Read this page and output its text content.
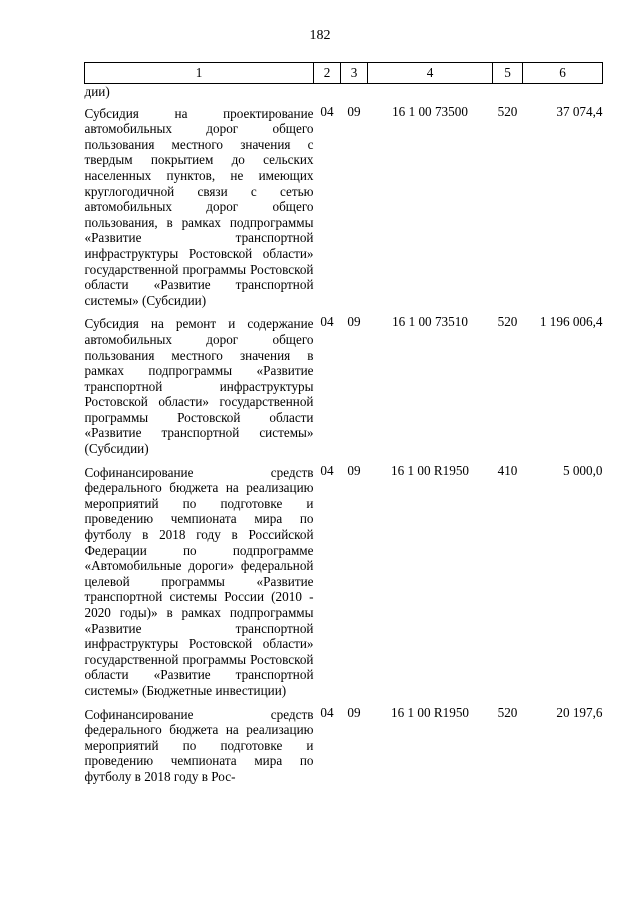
182
1	2	3	4	5	6
дии)					
Субсидия на проектирование автомобильных дорог общего пользования местного значения с твердым покрытием до сельских населенных пунктов, не имеющих круглогодичной связи с сетью автомобильных дорог общего пользования, в рамках подпрограммы «Развитие транспортной инфраструктуры Ростовской области» государственной программы Ростовской области «Развитие транспортной системы» (Субсидии)	04	09	16 1 00 73500	520	37 074,4
Субсидия на ремонт и содержание автомобильных дорог общего пользования местного значения в рамках подпрограммы «Развитие транспортной инфраструктуры Ростовской области» государственной программы Ростовской области «Развитие транспортной системы» (Субсидии)	04	09	16 1 00 73510	520	1 196 006,4
Софинансирование средств федерального бюджета на реализацию мероприятий по подготовке и проведению чемпионата мира по футболу в 2018 году в Российской Федерации по подпрограмме «Автомобильные дороги» федеральной целевой программы «Развитие транспортной системы России (2010 - 2020 годы)» в рамках подпрограммы «Развитие транспортной инфраструктуры Ростовской области» государственной программы Ростовской области «Развитие транспортной системы» (Бюджетные инвестиции)	04	09	16 1 00 R1950	410	5 000,0
Софинансирование средств федерального бюджета на реализацию мероприятий по подготовке и проведению чемпионата мира по футболу в 2018 году в Рос-	04	09	16 1 00 R1950	520	20 197,6
